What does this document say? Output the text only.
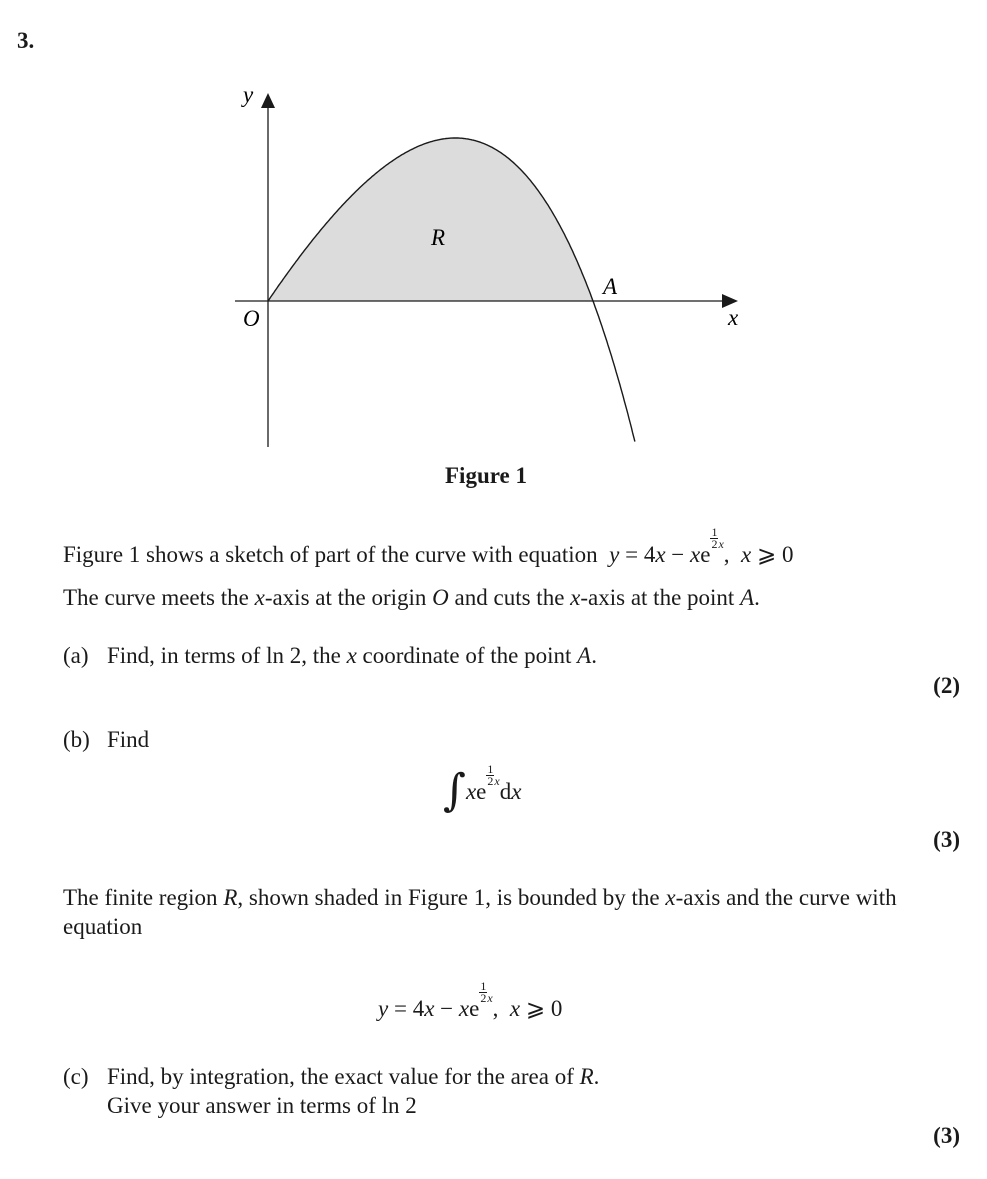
3.
y
x
O
R
A
Figure 1
Figure 1 shows a sketch of part of the curve with equation y = 4x − xe
$\frac{1}{2} ^x$, x ⩾ 0
The curve meets the x-axis at the origin O and cuts the x-axis at the point A.
(a) Find, in terms of ln 2, the x coordinate of the point A.
(2)
(b) Find
∫xe
$\frac{1}{2} ^xdx$
(3)
The finite region R, shown shaded in Figure 1, is bounded by the x-axis and the curve with
equation
y = 4x − xe
$\frac{1}{2} ^x$, x ⩾ 0
(c) Find, by integration, the exact value for the area of R.
Give your answer in terms of ln 2
(3)
